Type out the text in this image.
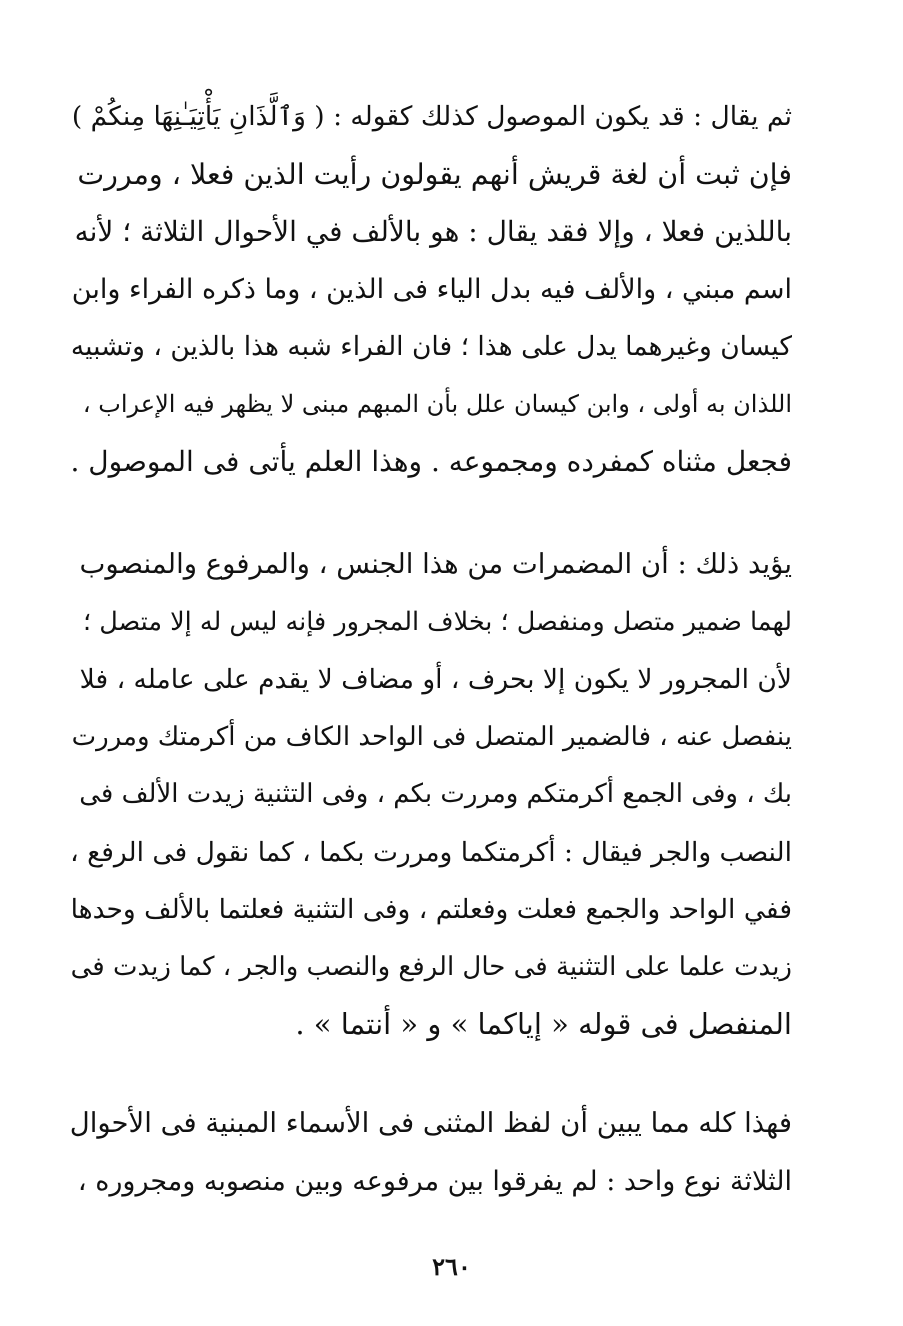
ثم يقال : قد يكون الموصول كذلك كقوله : ( وَٱلَّذَانِ يَأْتِيَـٰنِهَا مِنكُمْ )
فإن ثبت أن لغة قريش أنهم يقولون رأيت الذين فعلا ، ومررت
باللذين فعلا ، وإلا فقد يقال : هو بالألف في الأحوال الثلاثة ؛ لأنه
اسم مبني ، والألف فيه بدل الياء فى الذين ، وما ذكره الفراء وابن
كيسان وغيرهما يدل على هذا ؛ فان الفراء شبه هذا بالذين ، وتشبيه
اللذان به أولى ، وابن كيسان علل بأن المبهم مبنى لا يظهر فيه الإعراب ،
فجعل مثناه كمفرده ومجموعه . وهذا العلم يأتى فى الموصول .
يؤيد ذلك : أن المضمرات من هذا الجنس ، والمرفوع والمنصوب
لهما ضمير متصل ومنفصل ؛ بخلاف المجرور فإنه ليس له إلا متصل ؛
لأن المجرور لا يكون إلا بحرف ، أو مضاف لا يقدم على عامله ، فلا
ينفصل عنه ، فالضمير المتصل فى الواحد الكاف من أكرمتك ومررت
بك ، وفى الجمع أكرمتكم ومررت بكم ، وفى التثنية زيدت الألف فى
النصب والجر فيقال : أكرمتكما ومررت بكما ، كما نقول فى الرفع ،
ففي الواحد والجمع فعلت وفعلتم ، وفى التثنية فعلتما بالألف وحدها
زيدت علما على التثنية فى حال الرفع والنصب والجر ، كما زيدت فى
المنفصل فى قوله « إياكما » و « أنتما » .
فهذا كله مما يبين أن لفظ المثنى فى الأسماء المبنية فى الأحوال
الثلاثة نوع واحد : لم يفرقوا بين مرفوعه وبين منصوبه ومجروره ،
٢٦٠
